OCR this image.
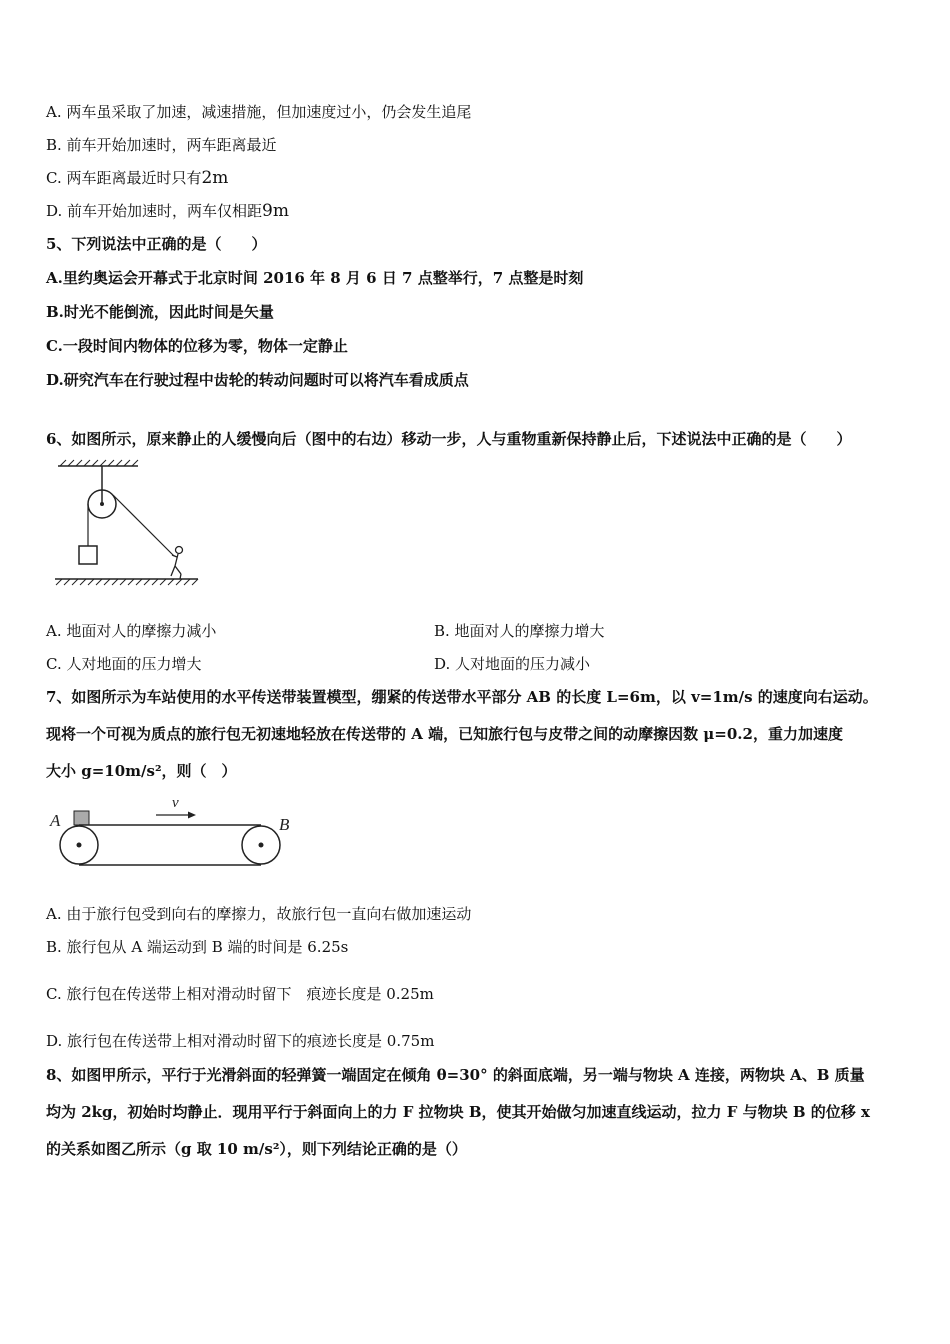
A. 两车虽采取了加速，减速措施，但加速度过小，仍会发生追尾
B. 前车开始加速时，两车距离最近
C. 两车距离最近时只有2m
D. 前车开始加速时，两车仅相距9m
5、下列说法中正确的是（　　）
A.里约奥运会开幕式于北京时间 2016 年 8 月 6 日 7 点整举行，7 点整是时刻
B.时光不能倒流，因此时间是矢量
C.一段时间内物体的位移为零，物体一定静止
D.研究汽车在行驶过程中齿轮的转动问题时可以将汽车看成质点
6、如图所示，原来静止的人缓慢向后（图中的右边）移动一步，人与重物重新保持静止后，下述说法中正确的是（　　）
A. 地面对人的摩擦力减小	B. 地面对人的摩擦力增大
C. 人对地面的压力增大	D. 人对地面的压力减小
7、如图所示为车站使用的水平传送带装置模型，绷紧的传送带水平部分 AB 的长度 L=6m，以 v=1m/s 的速度向右运动。
现将一个可视为质点的旅行包无初速地轻放在传送带的 A 端，已知旅行包与皮带之间的动摩擦因数 μ=0.2，重力加速度
大小 g=10m/s²，则（　）
A	B
v
A. 由于旅行包受到向右的摩擦力，故旅行包一直向右做加速运动
B. 旅行包从 A 端运动到 B 端的时间是 6.25s
C. 旅行包在传送带上相对滑动时留下　痕迹长度是 0.25m
D. 旅行包在传送带上相对滑动时留下的痕迹长度是 0.75m
8、如图甲所示，平行于光滑斜面的轻弹簧一端固定在倾角 θ=30° 的斜面底端，另一端与物块 A 连接，两物块 A、B 质量
均为 2kg，初始时均静止．现用平行于斜面向上的力 F 拉物块 B，使其开始做匀加速直线运动，拉力 F 与物块 B 的位移 x
的关系如图乙所示（g 取 10 m/s²），则下列结论正确的是（）
